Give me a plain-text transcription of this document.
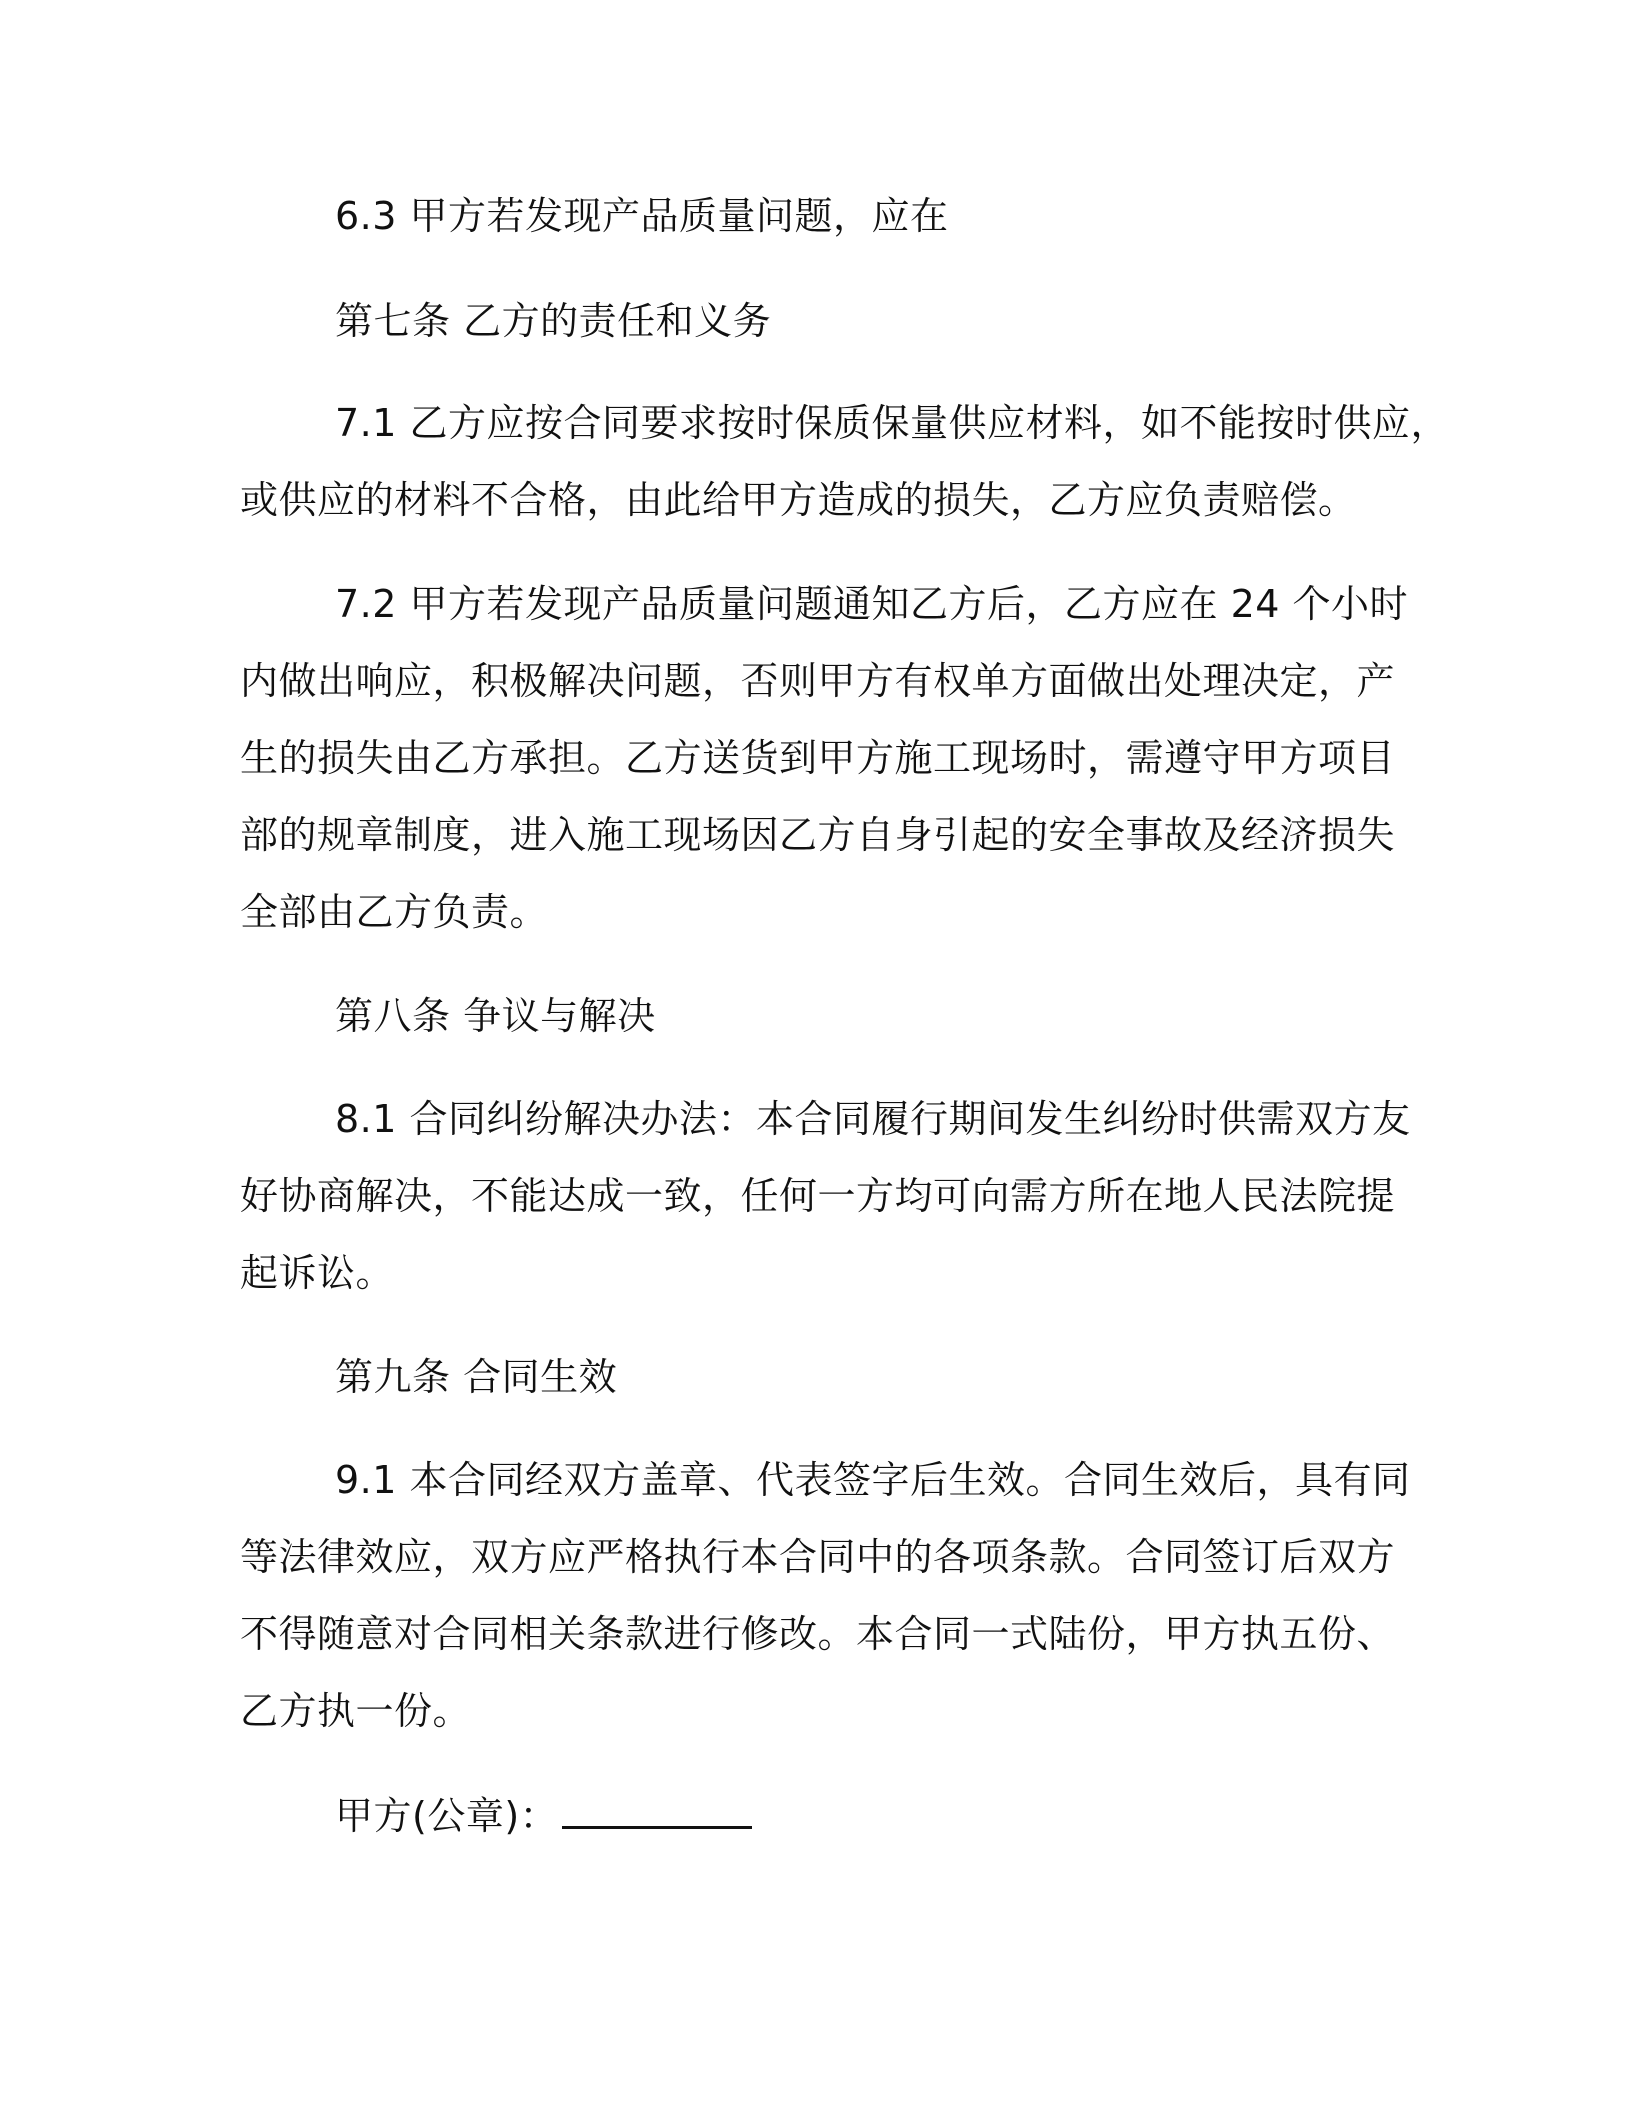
6.3 甲方若发现产品质量问题，应在
第七条 乙方的责任和义务
7.1 乙方应按合同要求按时保质保量供应材料，如不能按时供应，
或供应的材料不合格，由此给甲方造成的损失，乙方应负责赔偿。
7.2 甲方若发现产品质量问题通知乙方后，乙方应在 24 个小时
内做出响应，积极解决问题，否则甲方有权单方面做出处理决定，产
生的损失由乙方承担。乙方送货到甲方施工现场时，需遵守甲方项目
部的规章制度，进入施工现场因乙方自身引起的安全事故及经济损失
全部由乙方负责。
第八条 争议与解决
8.1 合同纠纷解决办法：本合同履行期间发生纠纷时供需双方友
好协商解决，不能达成一致，任何一方均可向需方所在地人民法院提
起诉讼。
第九条 合同生效
9.1 本合同经双方盖章、代表签字后生效。合同生效后，具有同
等法律效应，双方应严格执行本合同中的各项条款。合同签订后双方
不得随意对合同相关条款进行修改。本合同一式陆份，甲方执五份、
乙方执一份。
甲方(公章)：
